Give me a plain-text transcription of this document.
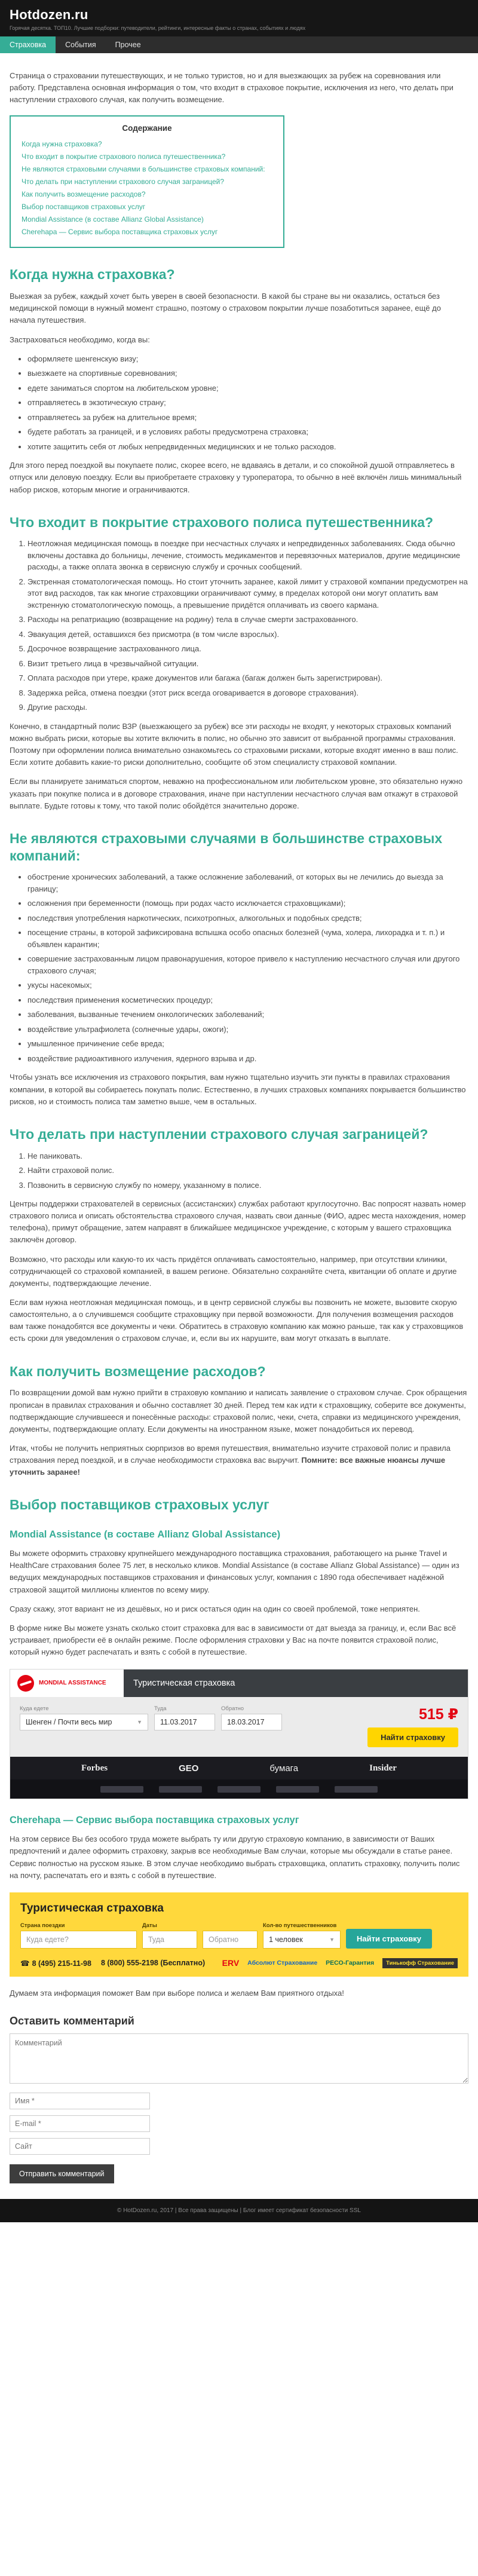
Hotdozen.ru
Горячая десятка. ТОП10. Лучшие подборки: путеводители, рейтинги, интересные факты о странах, событиях и людях
Страховка	События	Прочее

Страница о страховании путешествующих, и не только туристов, но и для выезжающих за рубеж на соревнования или работу. Представлена основная информация о том, что входит в страховое покрытие, исключения из него, что делать при наступлении страхового случая, как получить возмещение.

Содержание
Когда нужна страховка?
Что входит в покрытие страхового полиса путешественника?
Не являются страховыми случаями в большинстве страховых компаний:
Что делать при наступлении страхового случая заграницей?
Как получить возмещение расходов?
Выбор поставщиков страховых услуг
Mondial Assistance (в составе Allianz Global Assistance)
Cherehapa — Сервис выбора поставщика страховых услуг
Когда нужна страховка?

Выезжая за рубеж, каждый хочет быть уверен в своей безопасности. В какой бы стране вы ни оказались, остаться без медицинской помощи в нужный момент страшно, поэтому о страховом покрытии лучше позаботиться заранее, ещё до начала путешествия.

Застраховаться необходимо, когда вы:

• оформляете шенгенскую визу;
• выезжаете на спортивные соревнования;
• едете заниматься спортом на любительском уровне;
• отправляетесь в экзотическую страну;
• отправляетесь за рубеж на длительное время;
• будете работать за границей, и в условиях работы предусмотрена страховка;
• хотите защитить себя от любых непредвиденных медицинских и не только расходов.

Для этого перед поездкой вы покупаете полис, скорее всего, не вдаваясь в детали, и со спокойной душой отправляетесь в отпуск или деловую поездку. Если вы приобретаете страховку у туроператора, то обычно в неё включён лишь минимальный набор рисков, которым многие и ограничиваются.

Что входит в покрытие страхового полиса путешественника?
1. Неотложная медицинская помощь в поездке при несчастных случаях и непредвиденных заболеваниях. Сюда обычно включены доставка до больницы, лечение, стоимость медикаментов и перевязочных материалов, другие медицинские расходы, а также оплата звонка в сервисную службу и срочных сообщений.
2. Экстренная стоматологическая помощь. Но стоит уточнить заранее, какой лимит у страховой компании предусмотрен на этот вид расходов, так как многие страховщики ограничивают сумму, в пределах которой они могут оплатить вам экстренную стоматологическую помощь, а превышение придётся оплачивать из своего кармана.
3. Расходы на репатриацию (возвращение на родину) тела в случае смерти застрахованного.
4. Эвакуация детей, оставшихся без присмотра (в том числе взрослых).
5. Досрочное возвращение застрахованного лица.
6. Визит третьего лица в чрезвычайной ситуации.
7. Оплата расходов при утере, краже документов или багажа (багаж должен быть зарегистрирован).
8. Задержка рейса, отмена поездки (этот риск всегда оговаривается в договоре страхования).
9. Другие расходы.

Конечно, в стандартный полис ВЗР (выезжающего за рубеж) все эти расходы не входят, у некоторых страховых компаний можно выбрать риски, которые вы хотите включить в полис, но обычно это зависит от выбранной программы страхования. Поэтому при оформлении полиса внимательно ознакомьтесь со страховыми рисками, которые входят именно в ваш полис. Если хотите добавить какие-то риски дополнительно, сообщите об этом специалисту страховой компании.

Если вы планируете заниматься спортом, неважно на профессиональном или любительском уровне, это обязательно нужно указать при покупке полиса и в договоре страхования, иначе при наступлении несчастного случая вам откажут в страховой выплате. Будьте готовы к тому, что такой полис обойдётся значительно дороже.

Не являются страховыми случаями в большинстве страховых компаний:
• обострение хронических заболеваний, а также осложнение заболеваний, от которых вы не лечились до выезда за границу;
• осложнения при беременности (помощь при родах часто исключается страховщиками);
• последствия употребления наркотических, психотропных, алкогольных и подобных средств;
• посещение страны, в которой зафиксирована вспышка особо опасных болезней (чума, холера, лихорадка и т. п.) и объявлен карантин;
• совершение застрахованным лицом правонарушения, которое привело к наступлению несчастного случая или другого страхового случая;
• укусы насекомых;
• последствия применения косметических процедур;
• заболевания, вызванные течением онкологических заболеваний;
• воздействие ультрафиолета (солнечные удары, ожоги);
• умышленное причинение себе вреда;
• воздействие радиоактивного излучения, ядерного взрыва и др.

Чтобы узнать все исключения из страхового покрытия, вам нужно тщательно изучить эти пункты в правилах страхования компании, в которой вы собираетесь покупать полис. Естественно, в лучших страховых компаниях покрывается большинство рисков, но и стоимость полиса там заметно выше, чем в остальных.

Что делать при наступлении страхового случая заграницей?
1. Не паниковать.
2. Найти страховой полис.
3. Позвонить в сервисную службу по номеру, указанному в полисе.

Центры поддержки страхователей в сервисных (ассистанских) службах работают круглосуточно. Вас попросят назвать номер страхового полиса и описать обстоятельства страхового случая, назвать свои данные (ФИО, адрес места нахождения, номер телефона), примут обращение, затем направят в ближайшее медицинское учреждение, с которым у вашего страховщика заключён договор.

Возможно, что расходы или какую-то их часть придётся оплачивать самостоятельно, например, при отсутствии клиники, сотрудничающей со страховой компанией, в вашем регионе. Обязательно сохраняйте счета, квитанции об оплате и другие документы, подтверждающие лечение.

Если вам нужна неотложная медицинская помощь, и в центр сервисной службы вы позвонить не можете, вызовите скорую самостоятельно, а о случившемся сообщите страховщику при первой возможности. Для получения возмещения расходов вам также понадобятся все документы и чеки. Обратитесь в страховую компанию как можно раньше, так как у страховщиков есть сроки для уведомления о страховом случае, и, если вы их нарушите, вам могут отказать в выплате.

Как получить возмещение расходов?

По возвращении домой вам нужно прийти в страховую компанию и написать заявление о страховом случае. Срок обращения прописан в правилах страхования и обычно составляет 30 дней. Перед тем как идти к страховщику, соберите все документы, подтверждающие случившееся и понесённые расходы: страховой полис, чеки, счета, справки из медицинского учреждения, документы, подтверждающие оплату. Если документы на иностранном языке, может понадобиться их перевод.

Итак, чтобы не получить неприятных сюрпризов во время путешествия, внимательно изучите страховой полис и правила страхования перед поездкой, и в случае необходимости страховка вас выручит. Помните: все важные нюансы лучше уточнить заранее!

Выбор поставщиков страховых услуг
Mondial Assistance (в составе Allianz Global Assistance)

Вы можете оформить страховку крупнейшего международного поставщика страхования, работающего на рынке Travel и HealthCare страхования более 75 лет, в несколько кликов. Mondial Assistance (в составе Allianz Global Assistance) — один из ведущих международных поставщиков страхования и финансовых услуг, компания с 1890 года обеспечивает надёжной страховой защитой миллионы клиентов по всему миру.

Сразу скажу, этот вариант не из дешёвых, но и риск остаться один на один со своей проблемой, тоже неприятен.

В форме ниже Вы можете узнать сколько стоит страховка для вас в зависимости от дат выезда за границу, и, если Вас всё устраивает, приобрести её в онлайн режиме. После оформления страховки у Вас на почте появится страховой полис, который нужно будет распечатать и взять с собой в путешествие.

MONDIAL ASSISTANCE	Туристическая страховка
Куда едете
Шенген / Почти весь мир	▼
Туда
11.03.2017
Обратно
18.03.2017	515 ₽
Найти страховку
Forbes	GEO	бумага	Insider
Cherehapa — Сервис выбора поставщика страховых услуг

На этом сервисе Вы без особого труда можете выбрать ту или другую страховую компанию, в зависимости от Ваших предпочтений и далее оформить страховку, закрыв все необходимые Вам случаи, которые мы обсуждали в статье ранее. Сервис полностью на русском языке. В этом случае необходимо выбрать страховщика, оплатить страховку, получить полис на почту, распечатать его и взять с собой в путешествие.

Туристическая страховка
Страна поездки
Куда едете?	Даты
Туда

Обратно	Кол-во путешественников
1 человек	▼	Найти страховку
☎ 8 (495) 215-11-98 8 (800) 555-2198 (Бесплатно) ERV Абсолют Страхование РЕСО-Гарантия	Тинькофф Страхование

Думаем эта информация поможет Вам при выборе полиса и желаем Вам приятного отдыха!

Оставить комментарий
Комментарий
Имя *
E-mail *
Сайт Отправить комментарий
© HotDozen.ru, 2017 | Все права защищены | Блог имеет сертификат безопасности SSL
